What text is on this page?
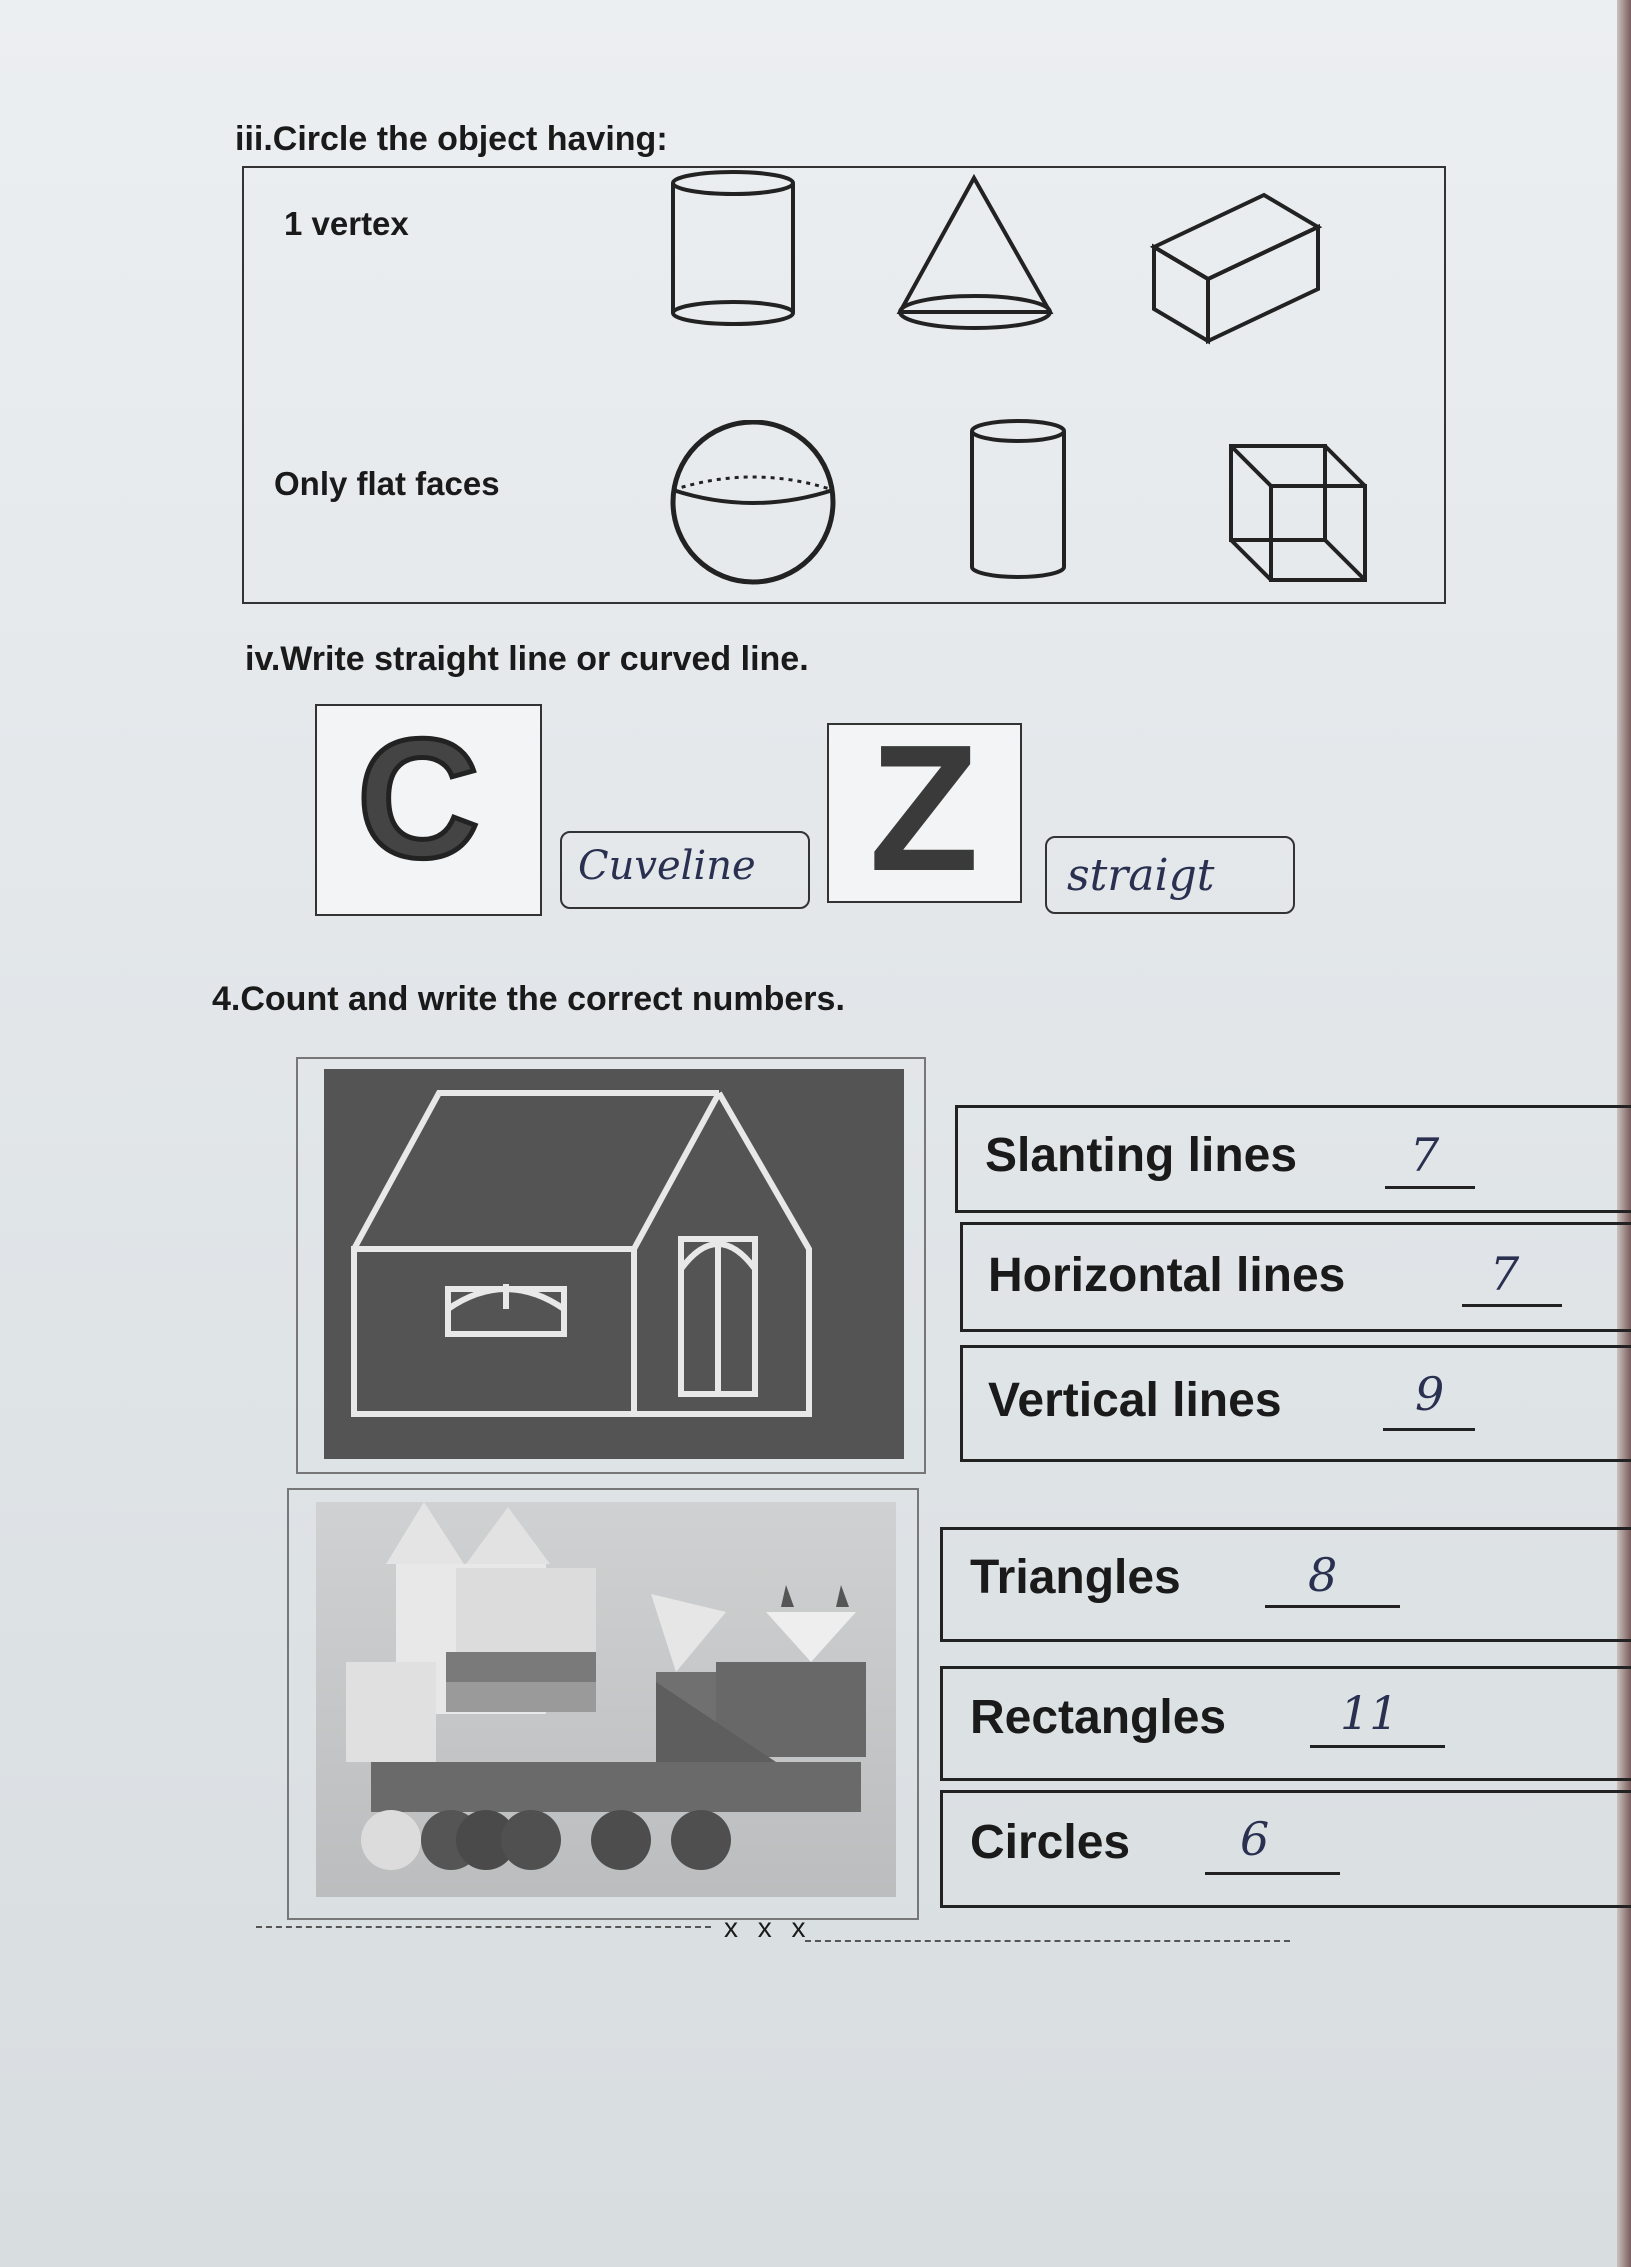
iii.Circle the object having:
1 vertex
Only flat faces
iv.Write straight line or curved line.
C Cuveline Z straigt
4.Count and write the correct numbers.
Slanting lines 7
Horizontal lines	7
Vertical lines	9
Triangles	8
Rectangles 11
Circles 6
x x x
